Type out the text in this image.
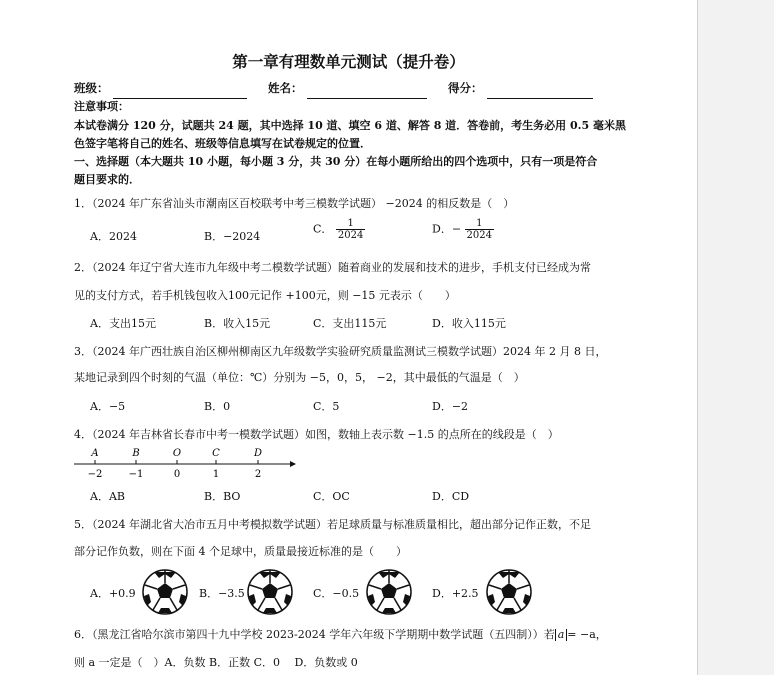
第一章有理数单元测试（提升卷）
班级：	姓名：	得分：
注意事项：
本试卷满分 120 分，试题共 24 题，其中选择 10 道、填空 6 道、解答 8 道．答卷前，考生务必用 0.5 毫米黑
色签字笔将自己的姓名、班级等信息填写在试卷规定的位置．
一、选择题（本大题共 10 小题，每小题 3 分，共 30 分）在每小题所给出的四个选项中，只有一项是符合
题目要求的．
1．（2024 年广东省汕头市潮南区百校联考中考三模数学试题） −2024 的相反数是（　）
A．2024	B．−2024
C． $\frac{1}{2024}$	D．− $\frac{1}{2024}$
2．（2024 年辽宁省大连市九年级中考二模数学试题）随着商业的发展和技术的进步，手机支付已经成为常
见的支付方式，若手机钱包收入100元记作 +100元，则 −15 元表示（　　）
A．支出15元	B．收入15元	C．支出115元	D．收入115元
3．（2024 年广西壮族自治区柳州柳南区九年级数学实验研究质量监测试三模数学试题）2024 年 2 月 8 日，
某地记录到四个时刻的气温（单位：℃）分别为 −5，0，5， −2，其中最低的气温是（　）
A．−5	B．0	C．5	D．−2
4．（2024 年吉林省长春市中考一模数学试题）如图，数轴上表示数 −1.5 的点所在的线段是（　）
A	B	O	C	D
−2	−1	0	1	2
A．AB	B．BO	C．OC	D．CD
5．（2024 年湖北省大冶市五月中考模拟数学试题）若足球质量与标准质量相比，超出部分记作正数，不足
部分记作负数，则在下面 4 个足球中，质量最接近标准的是（　　）
A．+0.9	B．−3.5	C．−0.5	D．+2.5
6．（黑龙江省哈尔滨市第四十九中学校 2023-2024 学年六年级下学期期中数学试题（五四制））若 a = −a，
则 a 一定是（　）A．负数 B．正数 C．0　 D．负数或 0
